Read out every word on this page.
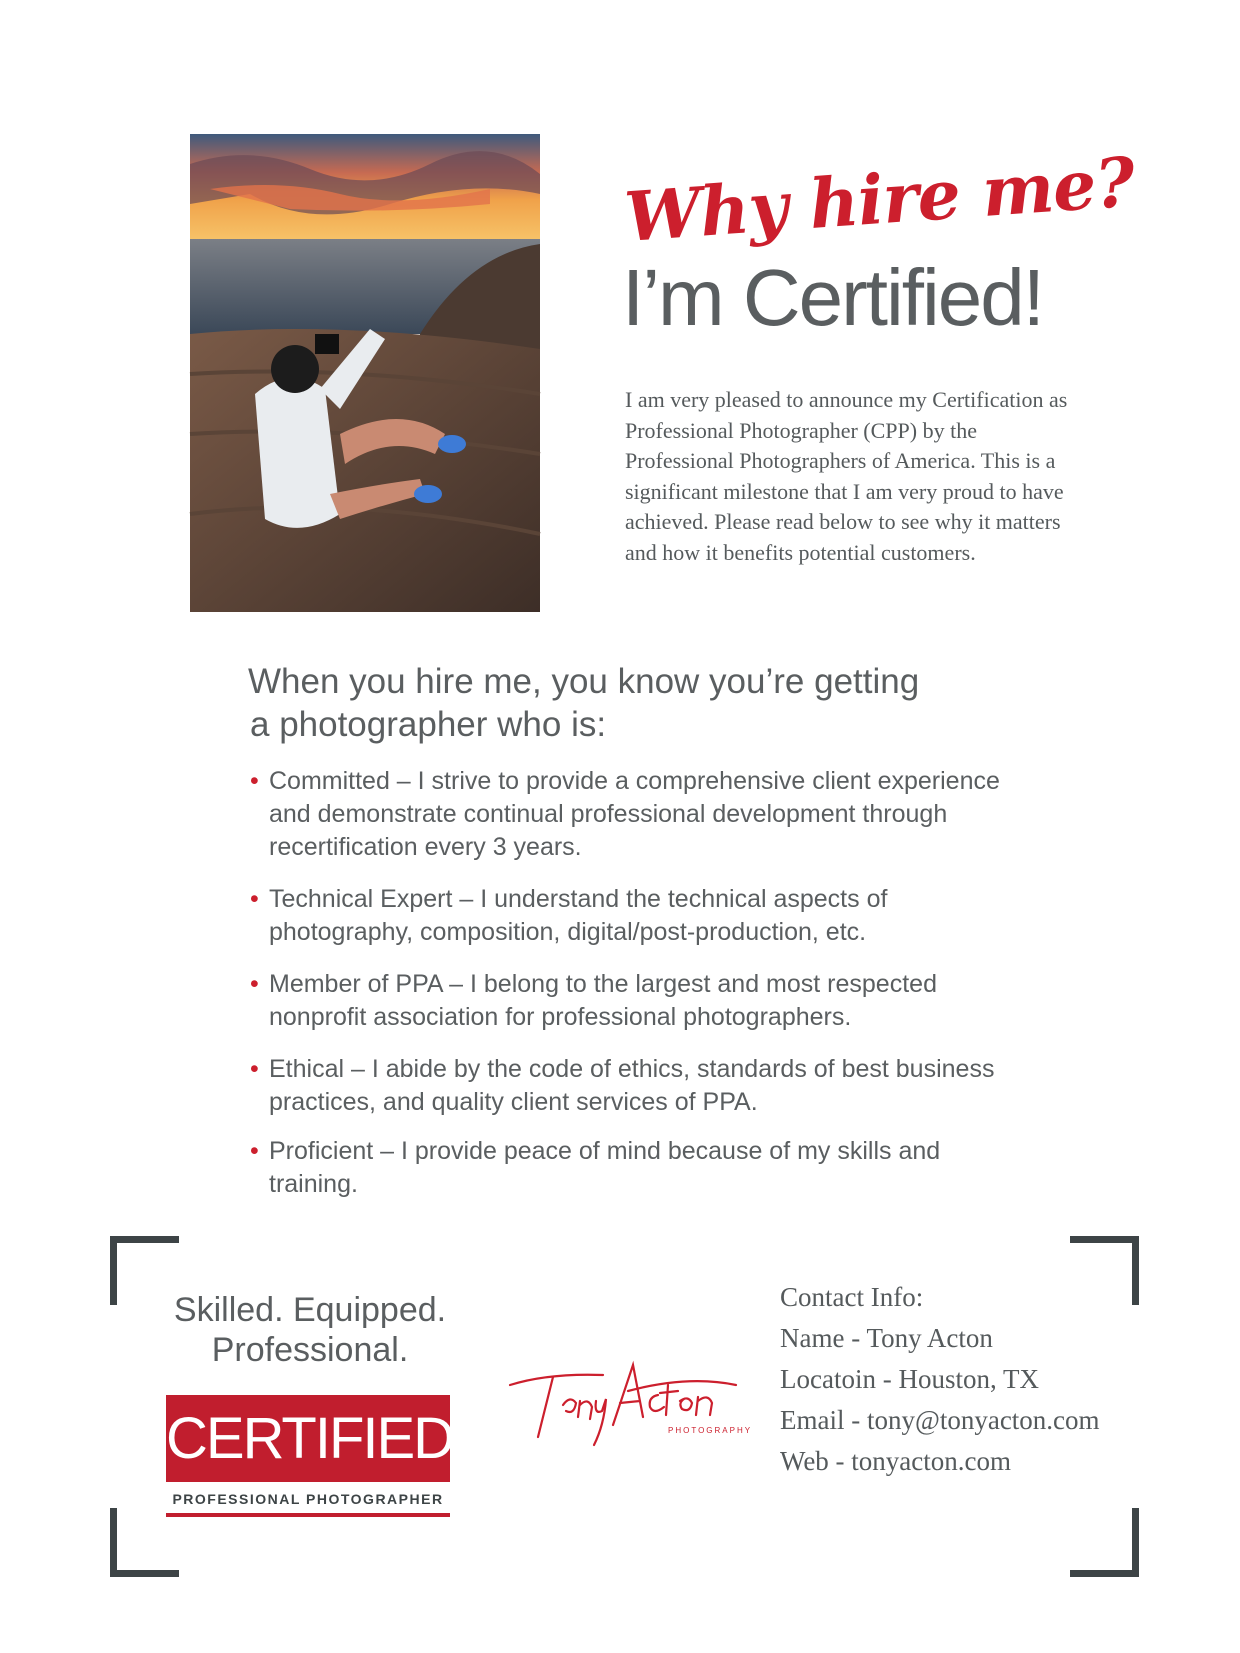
Why hire me?
I’m Certified!
I am very pleased to announce my Certification as Professional Photographer (CPP) by the Professional Photographers of America. This is a significant milestone that I am very proud to have achieved. Please read below to see why it matters and how it benefits potential customers.
When you hire me, you know you’re getting
a photographer who is:
• Committed – I strive to provide a comprehensive client experience and demonstrate continual professional development through recertification every 3 years.
• Technical Expert – I understand the technical aspects of photography, composition, digital/post-production, etc.
• Member of PPA – I belong to the largest and most respected nonprofit association for professional photographers.
• Ethical – I abide by the code of ethics, standards of best business practices, and quality client services of PPA.
• Proficient – I provide peace of mind because of my skills and training.
Skilled. Equipped.
Professional.
CERTIFIED
PROFESSIONAL PHOTOGRAPHER
PHOTOGRAPHY
Contact Info:
Name - Tony Acton
Locatoin - Houston, TX
Email - tony@tonyacton.com
Web - tonyacton.com
